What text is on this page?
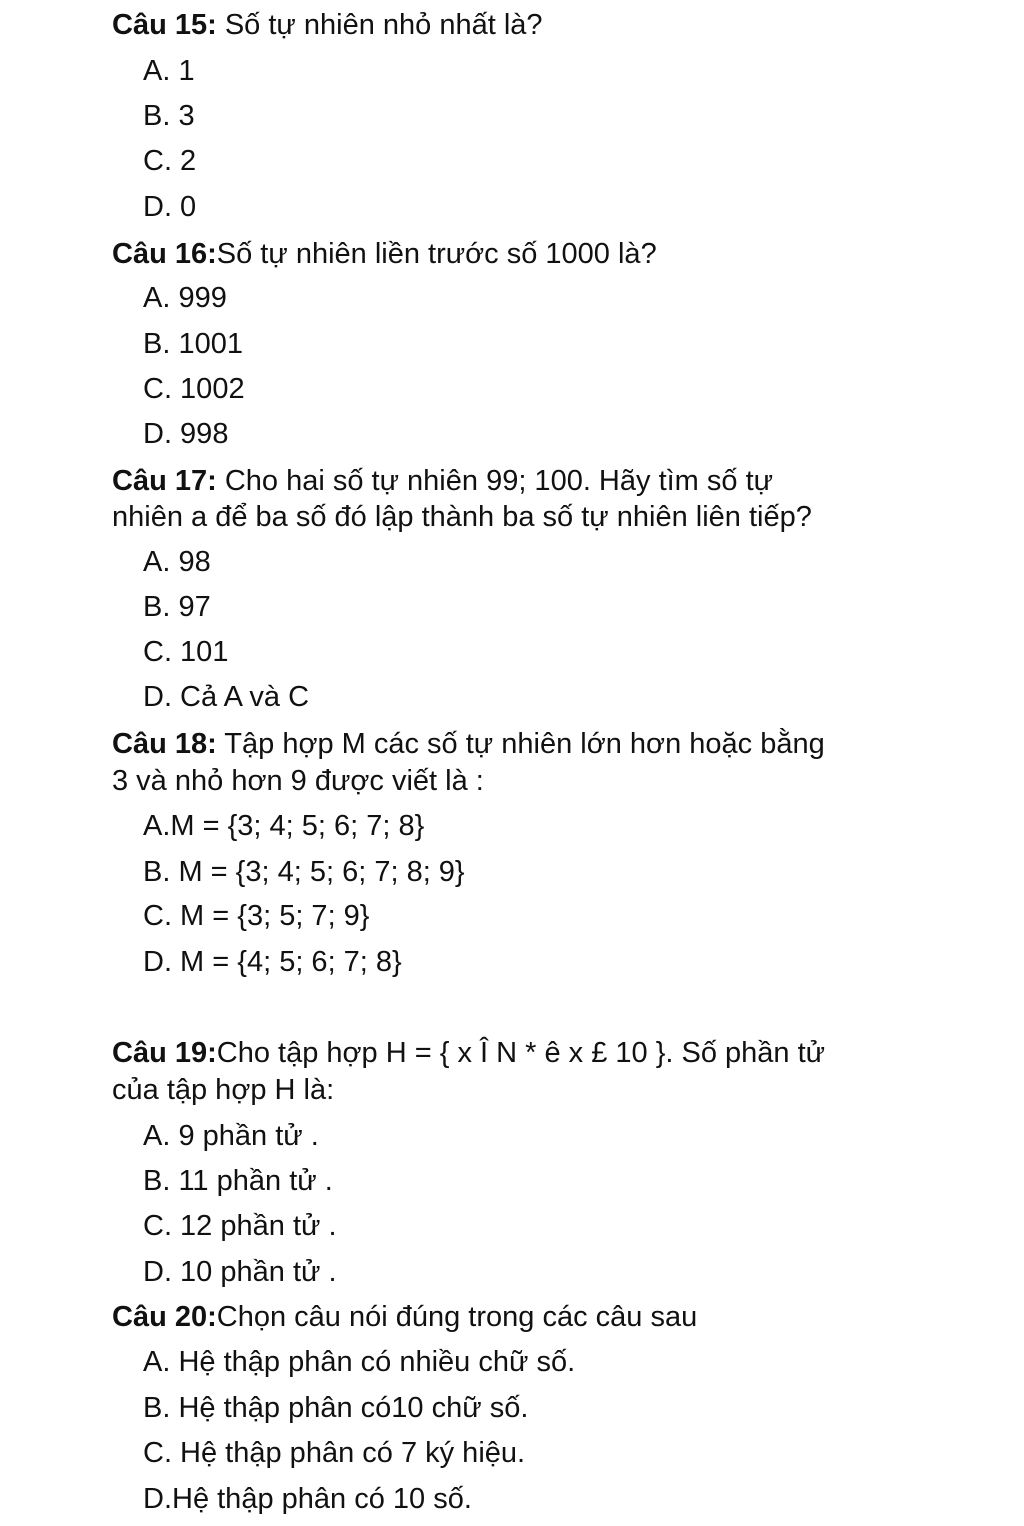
Câu 15: Số tự nhiên nhỏ nhất là?
A. 1
B. 3
C. 2
D. 0
Câu 16:Số tự nhiên liền trước số 1000 là?
A. 999
B. 1001
C. 1002
D. 998
Câu 17: Cho hai số tự nhiên 99; 100. Hãy tìm số tự
nhiên a để ba số đó lập thành ba số tự nhiên liên tiếp?
A. 98
B. 97
C. 101
D. Cả A và C
Câu 18: Tập hợp M các số tự nhiên lớn hơn hoặc bằng
3 và nhỏ hơn 9 được viết là :
A.M = {3; 4; 5; 6; 7; 8}
B. M = {3; 4; 5; 6; 7; 8; 9}
C. M = {3; 5; 7; 9}
D. M = {4; 5; 6; 7; 8}
Câu 19:Cho tập hợp H = { x Î N * ê x £ 10 }. Số phần tử
của tập hợp H là:
A. 9 phần tử .
B. 11 phần tử .
C. 12 phần tử .
D. 10 phần tử .
Câu 20:Chọn câu nói đúng trong các câu sau
A. Hệ thập phân có nhiều chữ số.
B. Hệ thập phân có10 chữ số.
C. Hệ thập phân có 7 ký hiệu.
D.Hệ thập phân có 10 số.
